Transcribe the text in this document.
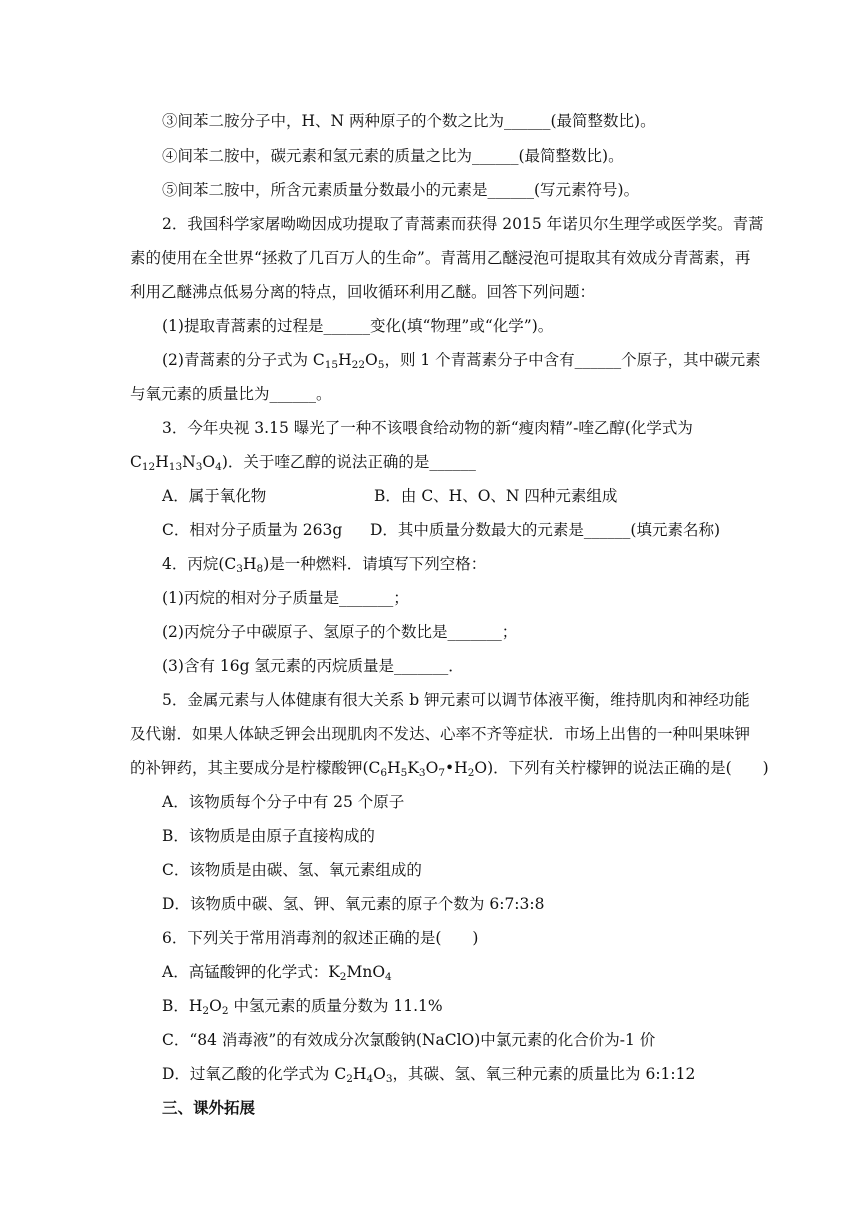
③间苯二胺分子中，H、N 两种原子的个数之比为______(最简整数比)。
④间苯二胺中，碳元素和氢元素的质量之比为______(最简整数比)。
⑤间苯二胺中，所含元素质量分数最小的元素是______(写元素符号)。
2．我国科学家屠呦呦因成功提取了青蒿素而获得 2015 年诺贝尔生理学或医学奖。青蒿
素的使用在全世界“拯救了几百万人的生命”。青蒿用乙醚浸泡可提取其有效成分青蒿素，再
利用乙醚沸点低易分离的特点，回收循环利用乙醚。回答下列问题：
(1)提取青蒿素的过程是______变化(填“物理”或“化学”)。
(2)青蒿素的分子式为 $C_{15}H_{22}O_5$，则 1 个青蒿素分子中含有______个原子，其中碳元素
与氧元素的质量比为______。
3．今年央视 3.15 曝光了一种不该喂食给动物的新“瘦肉精”-喹乙醇(化学式为
$C_{12}H_{13}N_3O_4$)．关于喹乙醇的说法正确的是______
A．属于氧化物	B．由 C、H、O、N 四种元素组成
C．相对分子质量为 263g D．其中质量分数最大的元素是______(填元素名称)
4．丙烷$(C_3H_8)$是一种燃料．请填写下列空格：
(1)丙烷的相对分子质量是_______；
(2)丙烷分子中碳原子、氢原子的个数比是_______；
(3)含有 16g 氢元素的丙烷质量是_______．
5．金属元素与人体健康有很大关系 b 钾元素可以调节体液平衡，维持肌肉和神经功能
及代谢．如果人体缺乏钾会出现肌肉不发达、心率不齐等症状．市场上出售的一种叫果味钾
的补钾药，其主要成分是柠檬酸钾$(C_6H_5K_3O_7•H_2O)$．下列有关柠檬钾的说法正确的是(　　)
A．该物质每个分子中有 25 个原子
B．该物质是由原子直接构成的
C．该物质是由碳、氢、氧元素组成的
D．该物质中碳、氢、钾、氧元素的原子个数为 6:7:3:8
6．下列关于常用消毒剂的叙述正确的是(　　)
A．高锰酸钾的化学式：$K_2MnO_4$
B．$H_2O_2$ 中氢元素的质量分数为 11.1%
C．“84 消毒液”的有效成分次氯酸钠(NaClO)中氯元素的化合价为-1 价
D．过氧乙酸的化学式为 $C_2H_4O_3$，其碳、氢、氧三种元素的质量比为 6:1:12
三、课外拓展
